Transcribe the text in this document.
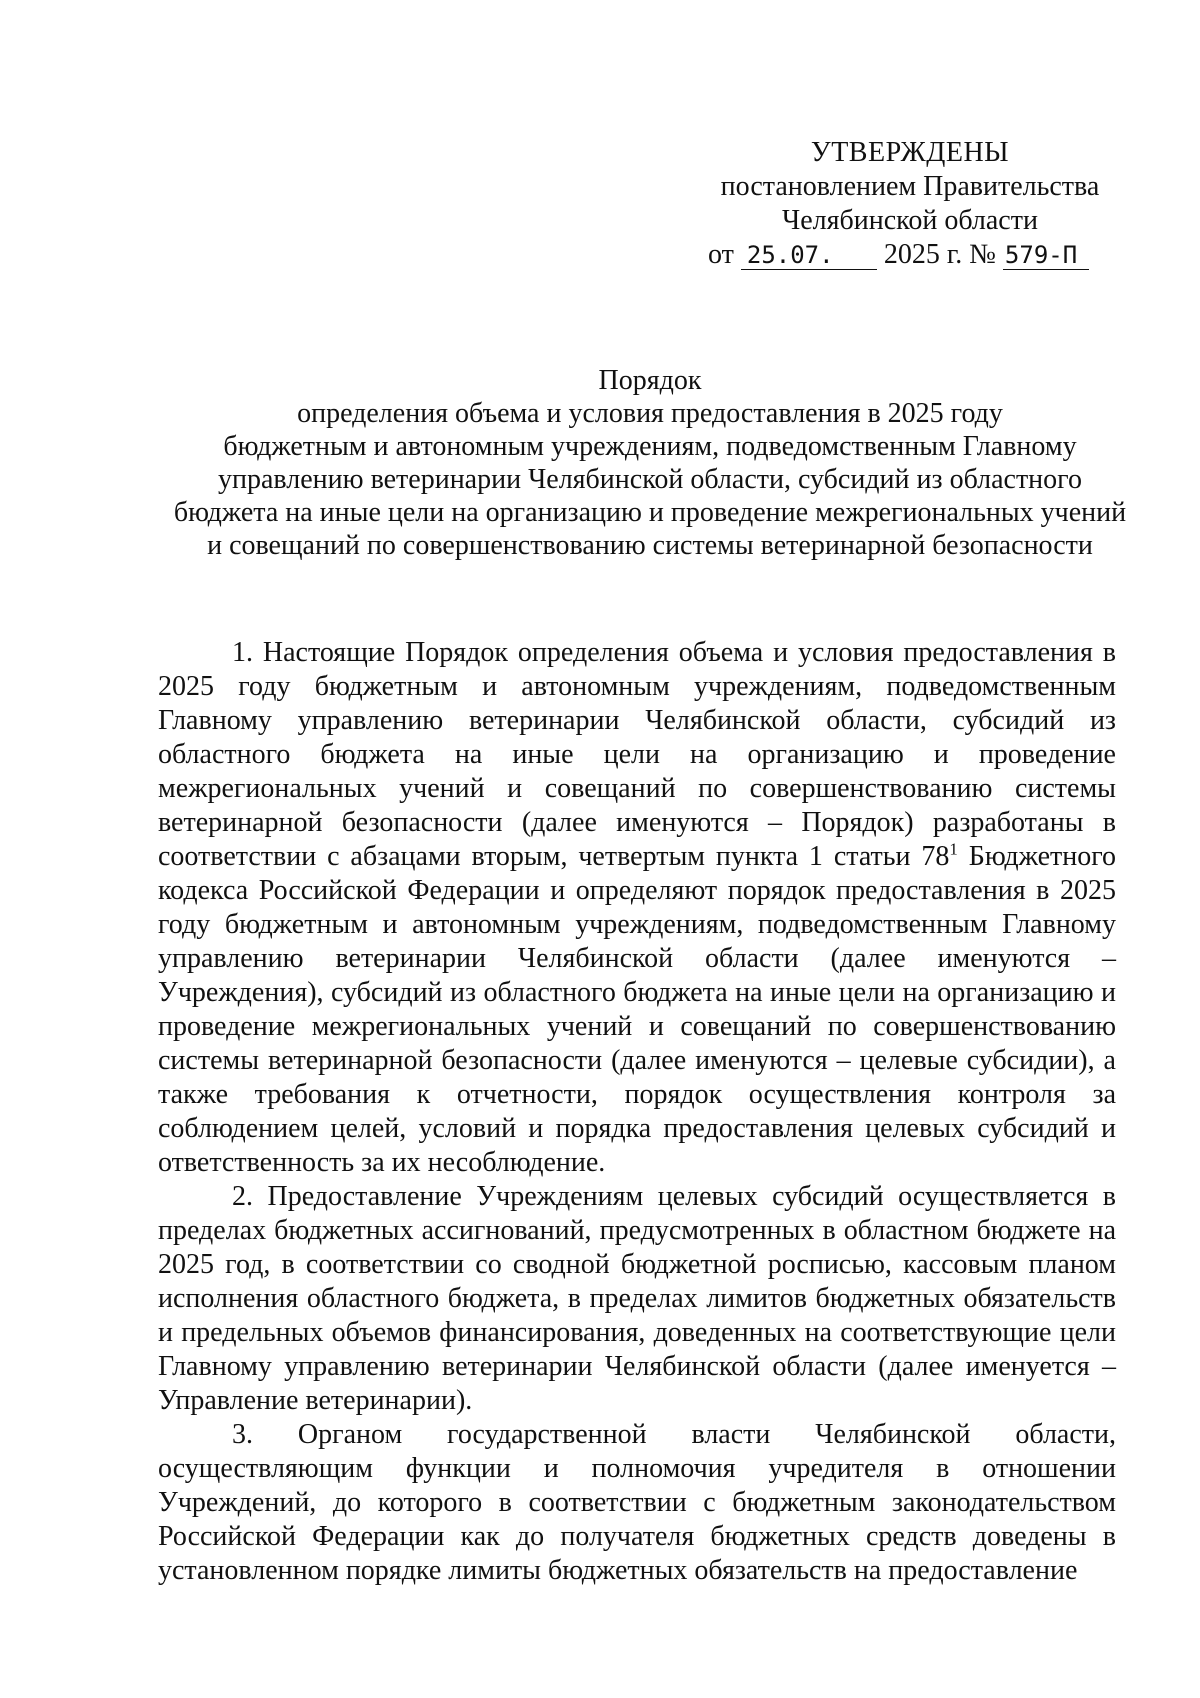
УТВЕРЖДЕНЫ
постановлением Правительства
Челябинской области
от 25.07. 2025 г. № 579-П
Порядок
определения объема и условия предоставления в 2025 году
бюджетным и автономным учреждениям, подведомственным Главному
управлению ветеринарии Челябинской области, субсидий из областного
бюджета на иные цели на организацию и проведение межрегиональных учений
и совещаний по совершенствованию системы ветеринарной безопасности

1. Настоящие Порядок определения объема и условия предоставления в 2025 году бюджетным и автономным учреждениям, подведомственным Главному управлению ветеринарии Челябинской области, субсидий из областного бюджета на иные цели на организацию и проведение межрегиональных учений и совещаний по совершенствованию системы ветеринарной безопасности (далее именуются – Порядок) разработаны в соответствии с абзацами вторым, четвертым пункта 1 статьи $78^1$ Бюджетного кодекса Российской Федерации и определяют порядок предоставления в 2025 году бюджетным и автономным учреждениям, подведомственным Главному управлению ветеринарии Челябинской области (далее именуются – Учреждения), субсидий из областного бюджета на иные цели на организацию и проведение межрегиональных учений и совещаний по совершенствованию системы ветеринарной безопасности (далее именуются – целевые субсидии), а также требования к отчетности, порядок осуществления контроля за соблюдением целей, условий и порядка предоставления целевых субсидий и ответственность за их несоблюдение.

2. Предоставление Учреждениям целевых субсидий осуществляется в пределах бюджетных ассигнований, предусмотренных в областном бюджете на 2025 год, в соответствии со сводной бюджетной росписью, кассовым планом исполнения областного бюджета, в пределах лимитов бюджетных обязательств и предельных объемов финансирования, доведенных на соответствующие цели Главному управлению ветеринарии Челябинской области (далее именуется – Управление ветеринарии).

3. Органом государственной власти Челябинской области, осуществляющим функции и полномочия учредителя в отношении Учреждений, до которого в соответствии с бюджетным законодательством Российской Федерации как до получателя бюджетных средств доведены в установленном порядке лимиты бюджетных обязательств на предоставление
